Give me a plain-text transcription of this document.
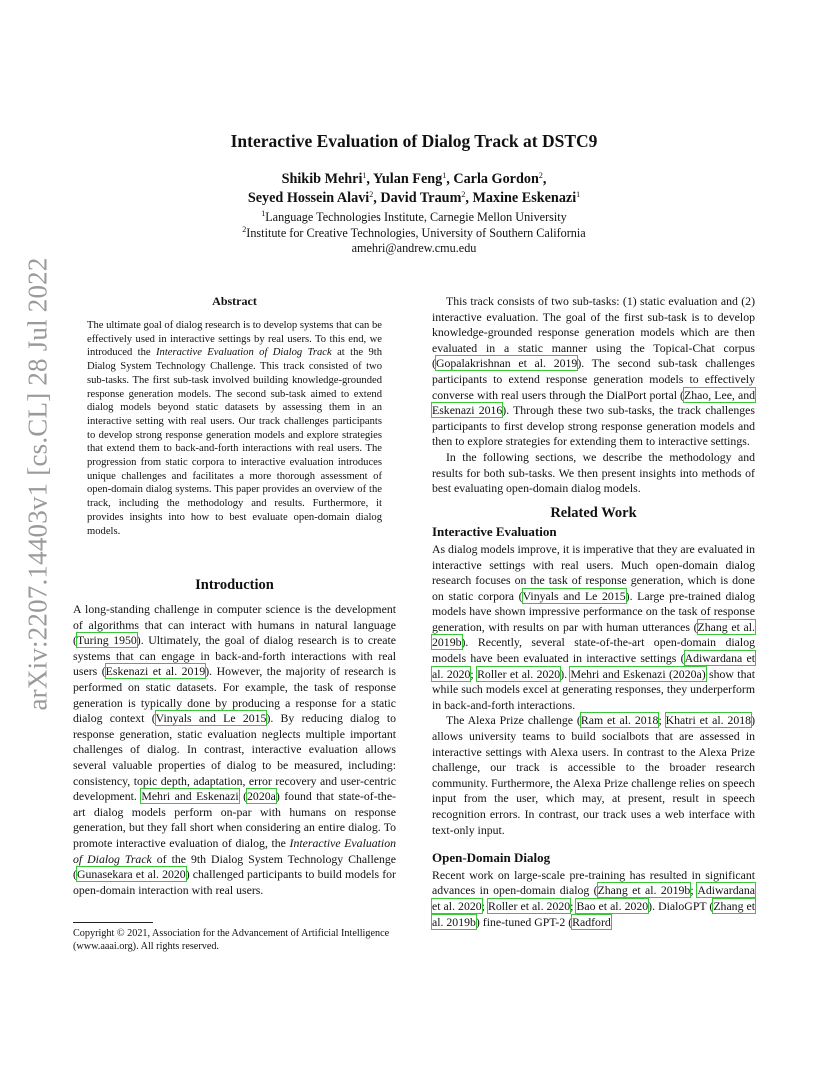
arXiv:2207.14403v1 [cs.CL] 28 Jul 2022
Interactive Evaluation of Dialog Track at DSTC9
Shikib Mehri$^1$, Yulan Feng$^1$, Carla Gordon$^2$,
Seyed Hossein Alavi$^2$, David Traum$^2$, Maxine Eskenazi$^1$
$^1$Language Technologies Institute, Carnegie Mellon University
$^2$Institute for Creative Technologies, University of Southern California
amehri@andrew.cmu.edu
Abstract
The ultimate goal of dialog research is to develop systems that can be effectively used in interactive settings by real users. To this end, we introduced the Interactive Evaluation of Dialog Track at the 9th Dialog System Technology Challenge. This track consisted of two sub-tasks. The first sub-task involved building knowledge-grounded response generation models. The second sub-task aimed to extend dialog models beyond static datasets by assessing them in an interactive setting with real users. Our track challenges participants to develop strong response generation models and explore strategies that extend them to back-and-forth interactions with real users. The progression from static corpora to interactive evaluation introduces unique challenges and facilitates a more thorough assessment of open-domain dialog systems. This paper provides an overview of the track, including the methodology and results. Furthermore, it provides insights into how to best evaluate open-domain dialog models.
Introduction
A long-standing challenge in computer science is the development of algorithms that can interact with humans in natural language (Turing 1950). Ultimately, the goal of dialog research is to create systems that can engage in back-and-forth interactions with real users (Eskenazi et al. 2019). However, the majority of research is performed on static datasets. For example, the task of response generation is typically done by producing a response for a static dialog context (Vinyals and Le 2015). By reducing dialog to response generation, static evaluation neglects multiple important challenges of dialog. In contrast, interactive evaluation allows several valuable properties of dialog to be measured, including: consistency, topic depth, adaptation, error recovery and user-centric development. Mehri and Eskenazi (2020a) found that state-of-the-art dialog models perform on-par with humans on response generation, but they fall short when considering an entire dialog. To promote interactive evaluation of dialog, the Interactive Evaluation of Dialog Track of the 9th Dialog System Technology Challenge (Gunasekara et al. 2020) challenged participants to build models for open-domain interaction with real users.
Copyright © 2021, Association for the Advancement of Artificial Intelligence (www.aaai.org). All rights reserved.

This track consists of two sub-tasks: (1) static evaluation and (2) interactive evaluation. The goal of the first sub-task is to develop knowledge-grounded response generation models which are then evaluated in a static manner using the Topical-Chat corpus (Gopalakrishnan et al. 2019). The second sub-task challenges participants to extend response generation models to effectively converse with real users through the DialPort portal (Zhao, Lee, and Eskenazi 2016). Through these two sub-tasks, the track challenges participants to first develop strong response generation models and then to explore strategies for extending them to interactive settings.

In the following sections, we describe the methodology and results for both sub-tasks. We then present insights into methods of best evaluating open-domain dialog models.

Related Work
Interactive Evaluation

As dialog models improve, it is imperative that they are evaluated in interactive settings with real users. Much open-domain dialog research focuses on the task of response generation, which is done on static corpora (Vinyals and Le 2015). Large pre-trained dialog models have shown impressive performance on the task of response generation, with results on par with human utterances (Zhang et al. 2019b). Recently, several state-of-the-art open-domain dialog models have been evaluated in interactive settings (Adiwardana et al. 2020; Roller et al. 2020). Mehri and Eskenazi (2020a) show that while such models excel at generating responses, they underperform in back-and-forth interactions.

The Alexa Prize challenge (Ram et al. 2018; Khatri et al. 2018) allows university teams to build socialbots that are assessed in interactive settings with Alexa users. In contrast to the Alexa Prize challenge, our track is accessible to the broader research community. Furthermore, the Alexa Prize challenge relies on speech input from the user, which may, at present, result in speech recognition errors. In contrast, our track uses a web interface with text-only input.

Open-Domain Dialog

Recent work on large-scale pre-training has resulted in significant advances in open-domain dialog (Zhang et al. 2019b; Adiwardana et al. 2020; Roller et al. 2020; Bao et al. 2020). DialoGPT (Zhang et al. 2019b) fine-tuned GPT-2 (Radford
